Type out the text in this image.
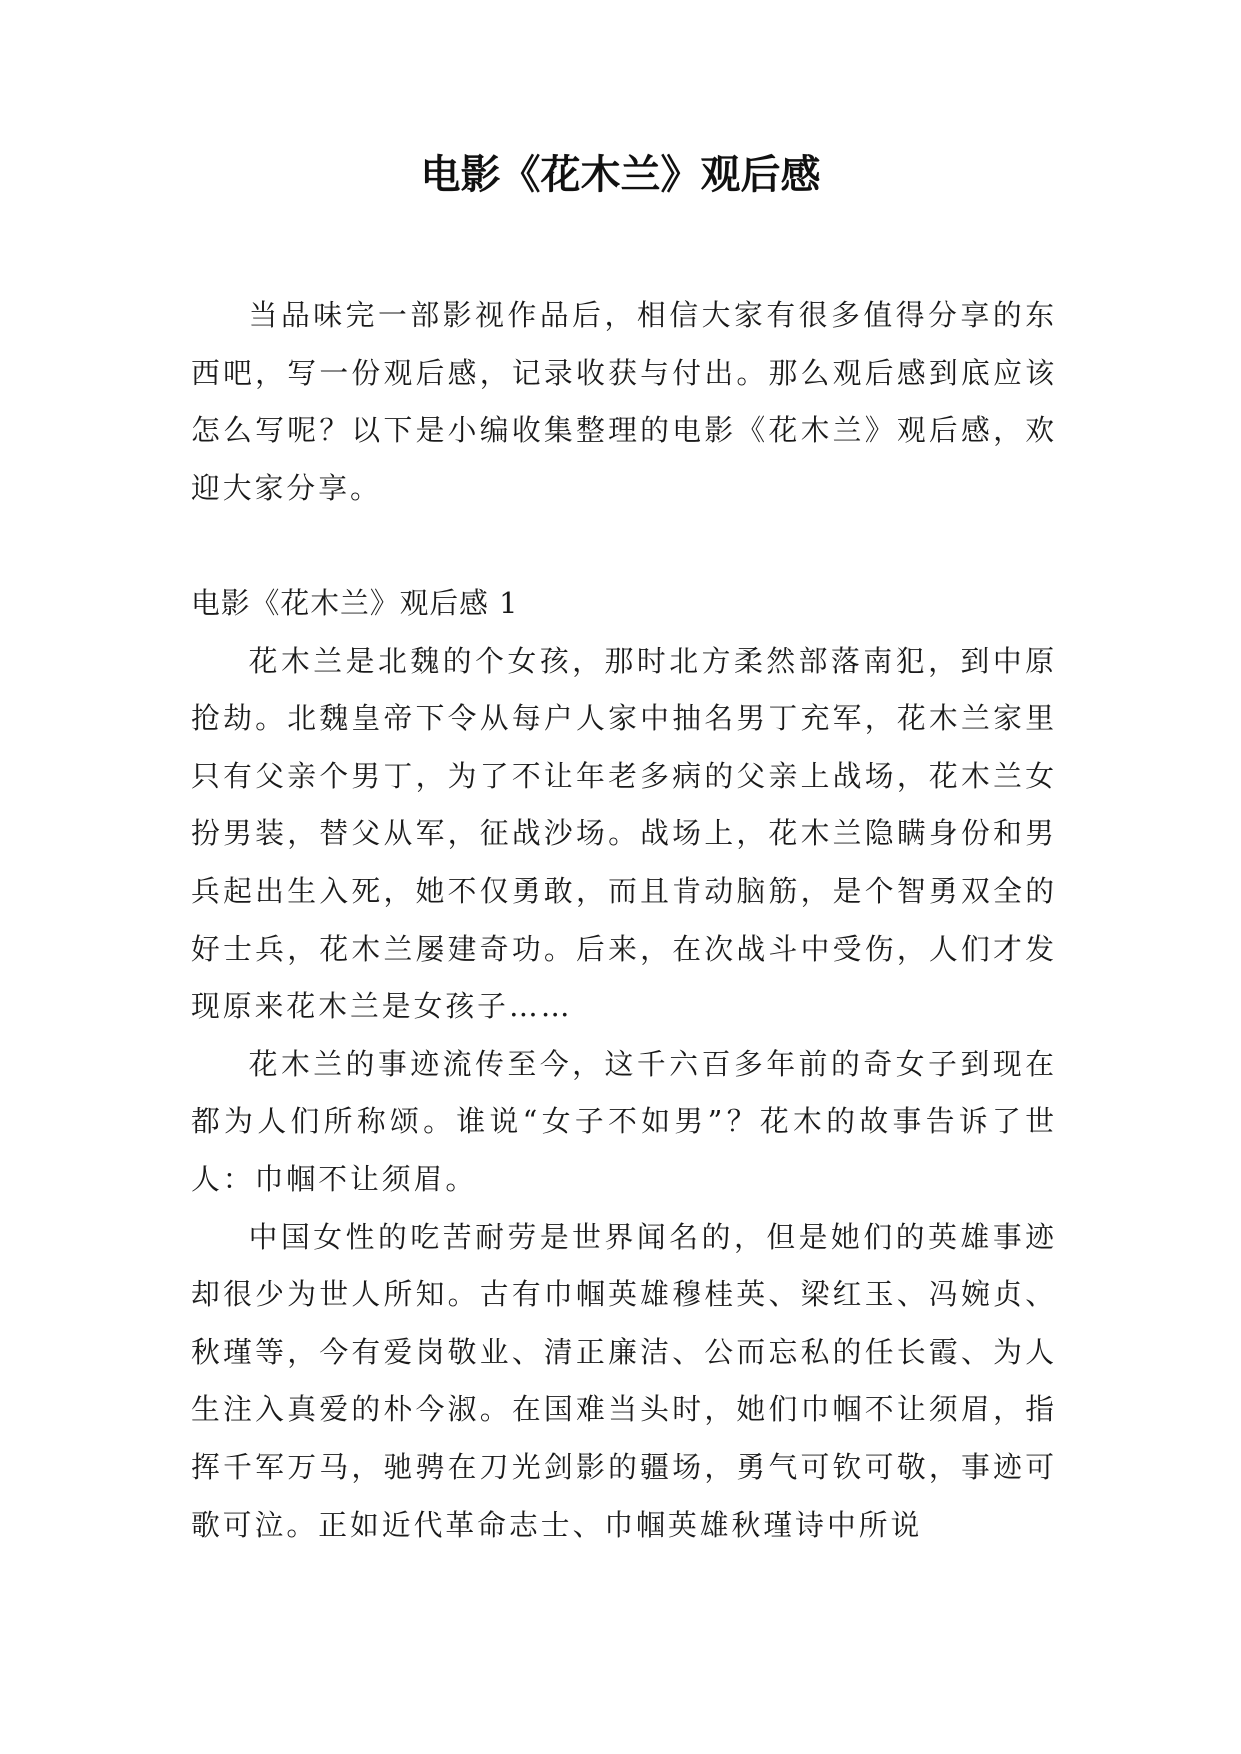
电影《花木兰》观后感

当品味完一部影视作品后，相信大家有很多值得分享的东西吧，写一份观后感，记录收获与付出。那么观后感到底应该怎么写呢？以下是小编收集整理的电影《花木兰》观后感，欢迎大家分享。

电影《花木兰》观后感 1

花木兰是北魏的个女孩，那时北方柔然部落南犯，到中原抢劫。北魏皇帝下令从每户人家中抽名男丁充军，花木兰家里只有父亲个男丁，为了不让年老多病的父亲上战场，花木兰女扮男装，替父从军，征战沙场。战场上，花木兰隐瞒身份和男兵起出生入死，她不仅勇敢，而且肯动脑筋，是个智勇双全的好士兵，花木兰屡建奇功。后来，在次战斗中受伤，人们才发现原来花木兰是女孩子……

花木兰的事迹流传至今，这千六百多年前的奇女子到现在都为人们所称颂。谁说“女子不如男”？花木的故事告诉了世人：巾帼不让须眉。

中国女性的吃苦耐劳是世界闻名的，但是她们的英雄事迹却很少为世人所知。古有巾帼英雄穆桂英、梁红玉、冯婉贞、秋瑾等，今有爱岗敬业、清正廉洁、公而忘私的任长霞、为人生注入真爱的朴今淑。在国难当头时，她们巾帼不让须眉，指挥千军万马，驰骋在刀光剑影的疆场，勇气可钦可敬，事迹可歌可泣。正如近代革命志士、巾帼英雄秋瑾诗中所说
